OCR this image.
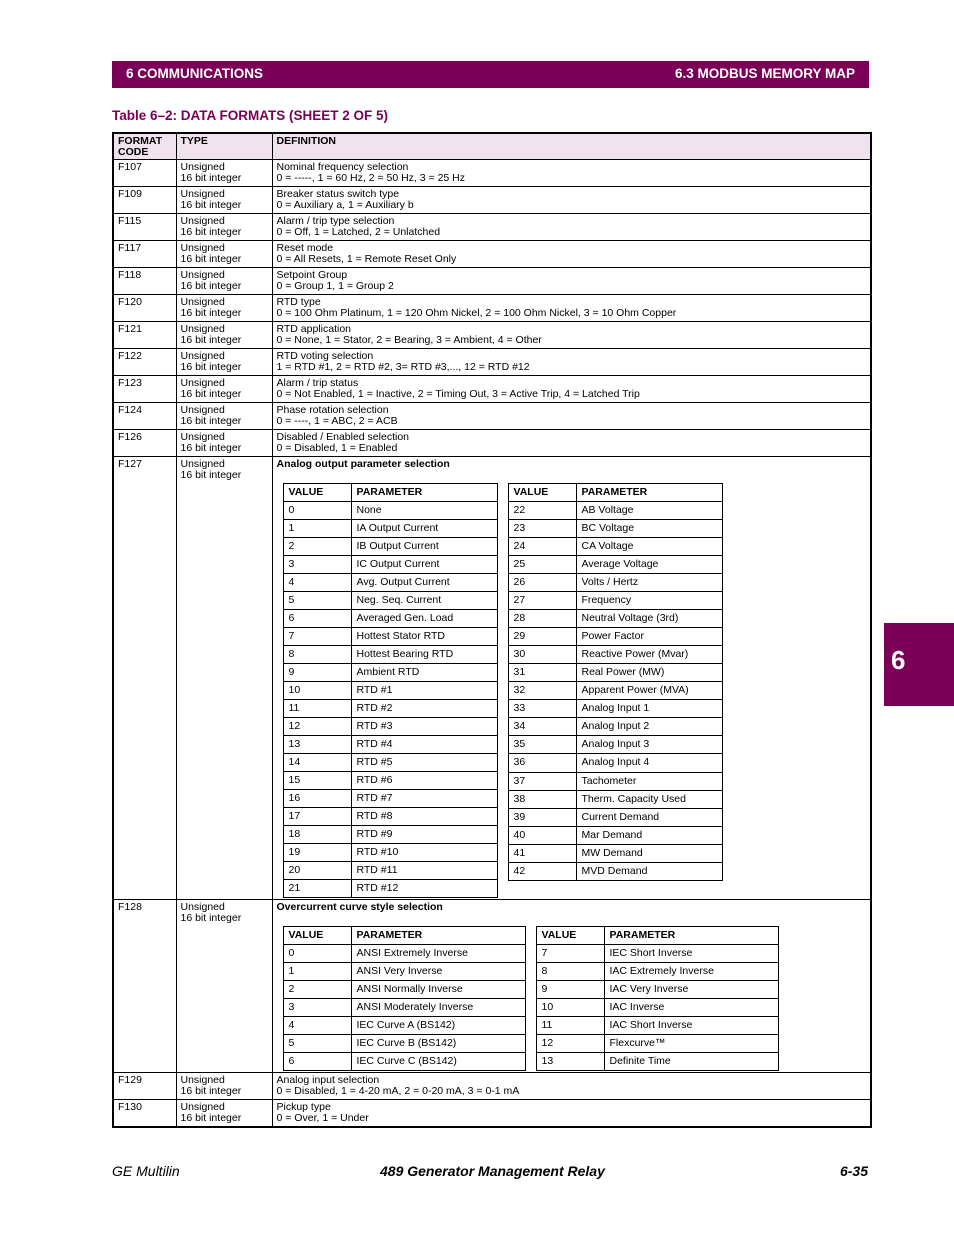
6 COMMUNICATIONS	6.3 MODBUS MEMORY MAP
Table 6–2: DATA FORMATS (SHEET 2 OF 5)
6
FORMAT CODE	TYPE	DEFINITION
F107	Unsigned
16 bit integer

Nominal frequency selection
0 = -----, 1 = 60 Hz, 2 = 50 Hz, 3 = 25 Hz

F109	Unsigned
16 bit integer

Breaker status switch type
0 = Auxiliary a, 1 = Auxiliary b

F115	Unsigned
16 bit integer

Alarm / trip type selection
0 = Off, 1 = Latched, 2 = Unlatched

F117	Unsigned
16 bit integer

Reset mode
0 = All Resets, 1 = Remote Reset Only

F118	Unsigned
16 bit integer

Setpoint Group
0 = Group 1, 1 = Group 2

F120	Unsigned
16 bit integer

RTD type
0 = 100 Ohm Platinum, 1 = 120 Ohm Nickel, 2 = 100 Ohm Nickel, 3 = 10 Ohm Copper

F121	Unsigned
16 bit integer

RTD application
0 = None, 1 = Stator, 2 = Bearing, 3 = Ambient, 4 = Other

F122	Unsigned
16 bit integer

RTD voting selection
1 = RTD #1, 2 = RTD #2, 3= RTD #3,..., 12 = RTD #12

F123	Unsigned
16 bit integer

Alarm / trip status
0 = Not Enabled, 1 = Inactive, 2 = Timing Out, 3 = Active Trip, 4 = Latched Trip

F124	Unsigned
16 bit integer

Phase rotation selection
0 = ----, 1 = ABC, 2 = ACB

F126	Unsigned
16 bit integer

Disabled / Enabled selection
0 = Disabled, 1 = Enabled

F127	Unsigned
16 bit integer

Analog output parameter selection
VALUE	PARAMETER
0	None
1	IA Output Current
2	IB Output Current
3	IC Output Current
4	Avg. Output Current
5	Neg. Seq. Current
6	Averaged Gen. Load
7	Hottest Stator RTD
8	Hottest Bearing RTD
9	Ambient RTD
10	RTD #1
11	RTD #2
12	RTD #3
13	RTD #4
14	RTD #5
15	RTD #6
16	RTD #7
17	RTD #8
18	RTD #9
19	RTD #10
20	RTD #11
21	RTD #12
VALUE	PARAMETER
22	AB Voltage
23	BC Voltage
24	CA Voltage
25	Average Voltage
26	Volts / Hertz
27	Frequency
28	Neutral Voltage (3rd)
29	Power Factor
30	Reactive Power (Mvar)
31	Real Power (MW)
32	Apparent Power (MVA)
33	Analog Input 1
34	Analog Input 2
35	Analog Input 3
36	Analog Input 4
37	Tachometer
38	Therm. Capacity Used
39	Current Demand
40	Mar Demand
41	MW Demand
42	MVD Demand

F128	Unsigned
16 bit integer

Overcurrent curve style selection
VALUE	PARAMETER
0	ANSI Extremely Inverse
1	ANSI Very Inverse
2	ANSI Normally Inverse
3	ANSI Moderately Inverse
4	IEC Curve A (BS142)
5	IEC Curve B (BS142)
6	IEC Curve C (BS142)
VALUE	PARAMETER
7	IEC Short Inverse
8	IAC Extremely Inverse
9	IAC Very Inverse
10	IAC Inverse
11	IAC Short Inverse
12	Flexcurve™
13	Definite Time

F129	Unsigned
16 bit integer

Analog input selection
0 = Disabled, 1 = 4-20 mA, 2 = 0-20 mA, 3 = 0-1 mA

F130	Unsigned
16 bit integer

Pickup type
0 = Over, 1 = Under
GE Multilin	489 Generator Management Relay	6-35
